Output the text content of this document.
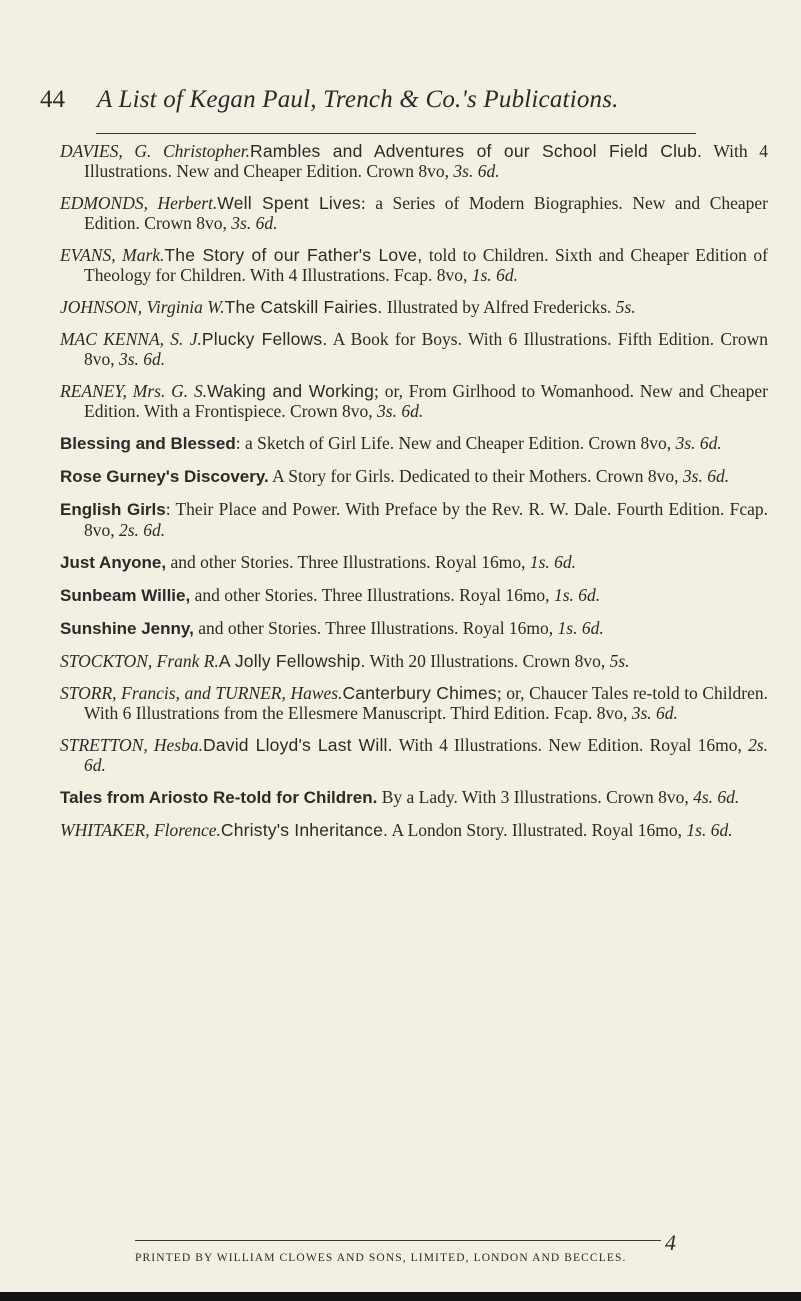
44 A List of Kegan Paul, Trench & Co.'s Publications.

DAVIES, G. Christopher.Rambles and Adventures of our School Field Club. With 4 Illustrations. New and Cheaper Edition. Crown 8vo, 3s. 6d.

EDMONDS, Herbert.Well Spent Lives: a Series of Modern Biographies. New and Cheaper Edition. Crown 8vo, 3s. 6d.

EVANS, Mark.The Story of our Father's Love, told to Children. Sixth and Cheaper Edition of Theology for Children. With 4 Illustrations. Fcap. 8vo, 1s. 6d.

JOHNSON, Virginia W.The Catskill Fairies. Illustrated by Alfred Fredericks. 5s.

MAC KENNA, S. J.Plucky Fellows. A Book for Boys. With 6 Illustrations. Fifth Edition. Crown 8vo, 3s. 6d.

REANEY, Mrs. G. S.Waking and Working; or, From Girlhood to Womanhood. New and Cheaper Edition. With a Frontispiece. Crown 8vo, 3s. 6d.

Blessing and Blessed: a Sketch of Girl Life. New and Cheaper Edition. Crown 8vo, 3s. 6d.

Rose Gurney's Discovery. A Story for Girls. Dedicated to their Mothers. Crown 8vo, 3s. 6d.

English Girls: Their Place and Power. With Preface by the Rev. R. W. Dale. Fourth Edition. Fcap. 8vo, 2s. 6d.

Just Anyone, and other Stories. Three Illustrations. Royal 16mo, 1s. 6d.

Sunbeam Willie, and other Stories. Three Illustrations. Royal 16mo, 1s. 6d.

Sunshine Jenny, and other Stories. Three Illustrations. Royal 16mo, 1s. 6d.

STOCKTON, Frank R.A Jolly Fellowship. With 20 Illustrations. Crown 8vo, 5s.

STORR, Francis, and TURNER, Hawes.Canterbury Chimes; or, Chaucer Tales re-told to Children. With 6 Illustrations from the Ellesmere Manuscript. Third Edition. Fcap. 8vo, 3s. 6d.

STRETTON, Hesba.David Lloyd's Last Will. With 4 Illustrations. New Edition. Royal 16mo, 2s. 6d.

Tales from Ariosto Re-told for Children. By a Lady. With 3 Illustrations. Crown 8vo, 4s. 6d.

WHITAKER, Florence.Christy's Inheritance. A London Story. Illustrated. Royal 16mo, 1s. 6d.

PRINTED BY WILLIAM CLOWES AND SONS, LIMITED, LONDON AND BECCLES.
4
